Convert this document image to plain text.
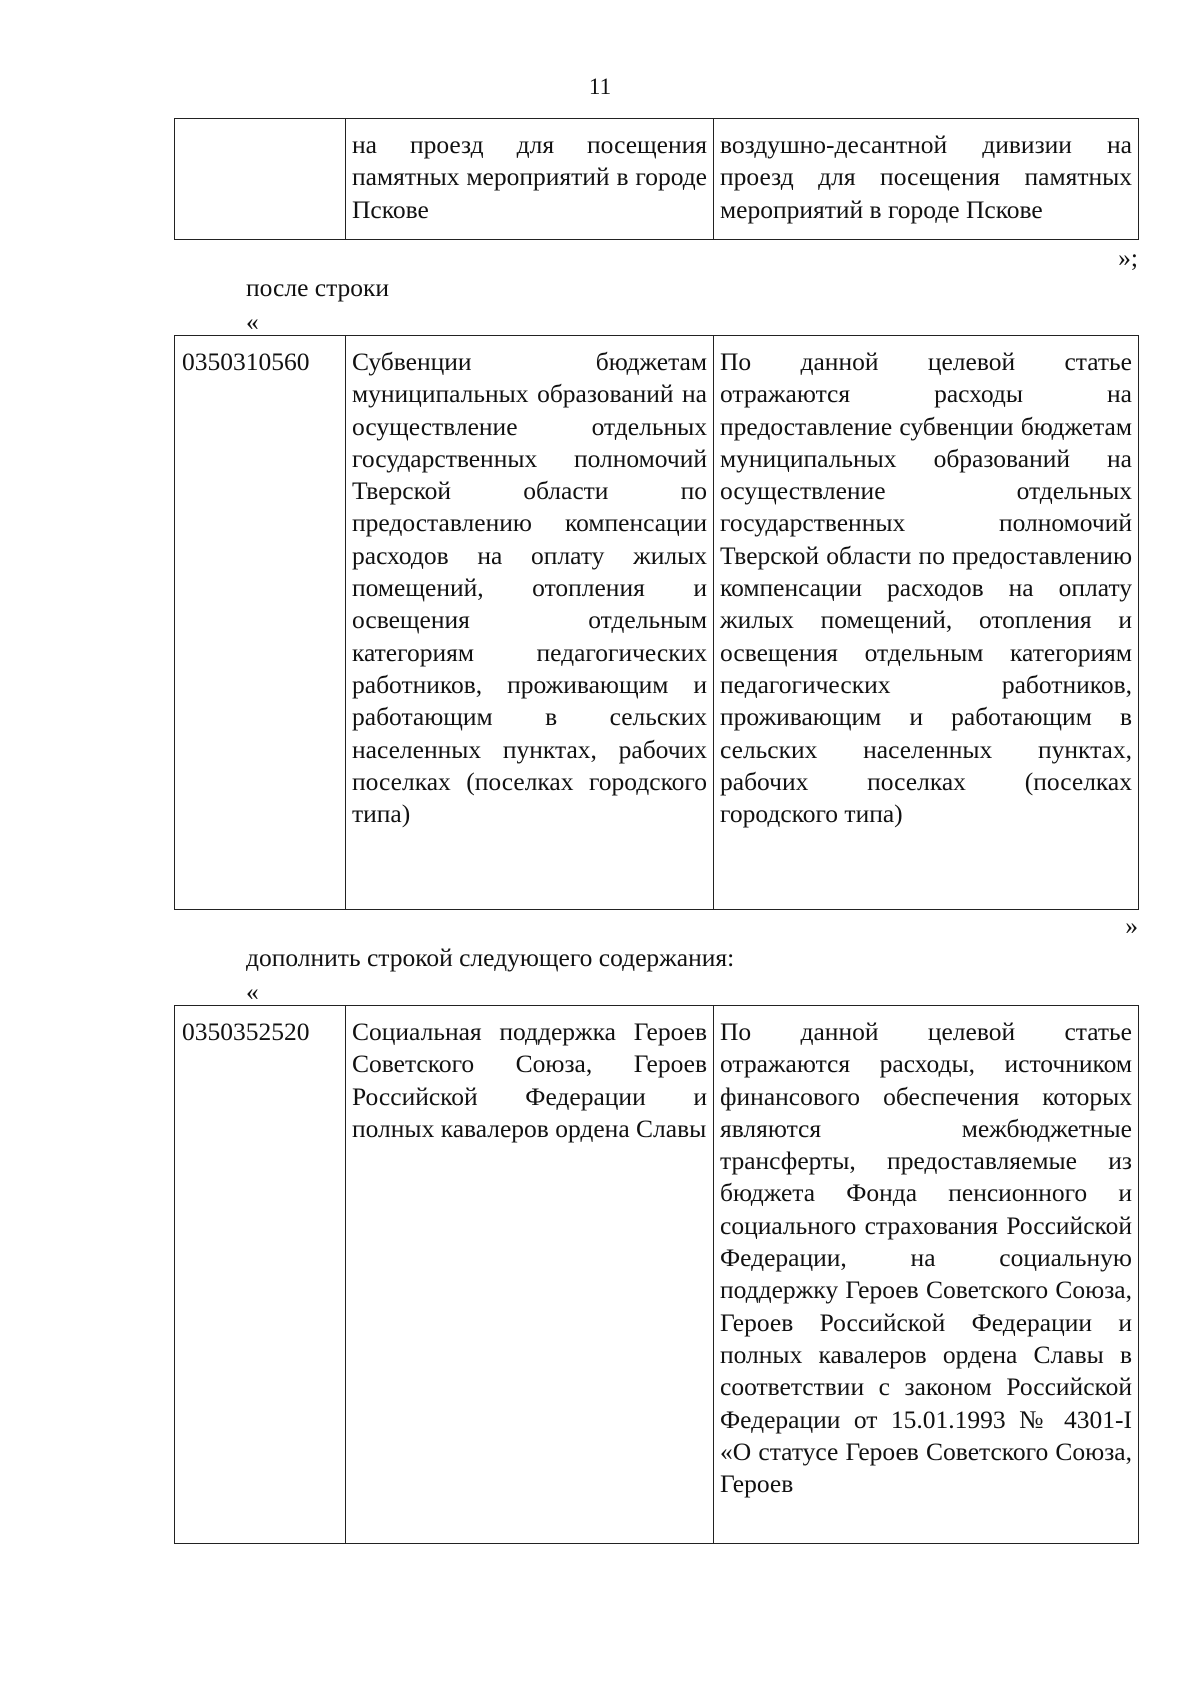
11
	на проезд для посещения памятных мероприятий в городе Пскове	воздушно-десантной дивизии на проезд для посещения памятных мероприятий в городе Пскове
»;
после строки
«
0350310560	Субвенции бюджетам муниципальных образований на осуществление отдельных государственных полномочий Тверской области по предоставлению компенсации расходов на оплату жилых помещений, отопления и освещения отдельным категориям педагогических работников, проживающим и работающим в сельских населенных пунктах, рабочих поселках (поселках городского типа)	По данной целевой статье отражаются расходы на предоставление субвенции бюджетам муниципальных образований на осуществление отдельных государственных полномочий Тверской области по предоставлению компенсации расходов на оплату жилых помещений, отопления и освещения отдельным категориям педагогических работников, проживающим и работающим в сельских населенных пунктах, рабочих поселках (поселках городского типа)
»
дополнить строкой следующего содержания:
«
0350352520	Социальная поддержка Героев Советского Союза, Героев Российской Федерации и полных кавалеров ордена Славы	По данной целевой статье отражаются расходы, источником финансового обеспечения которых являются межбюджетные трансферты, предоставляемые из бюджета Фонда пенсионного и социального страхования Российской Федерации, на социальную поддержку Героев Советского Союза, Героев Российской Федерации и полных кавалеров ордена Славы в соответствии с законом Российской Федерации от 15.01.1993 № 4301-I «О статусе Героев Советского Союза, Героев
